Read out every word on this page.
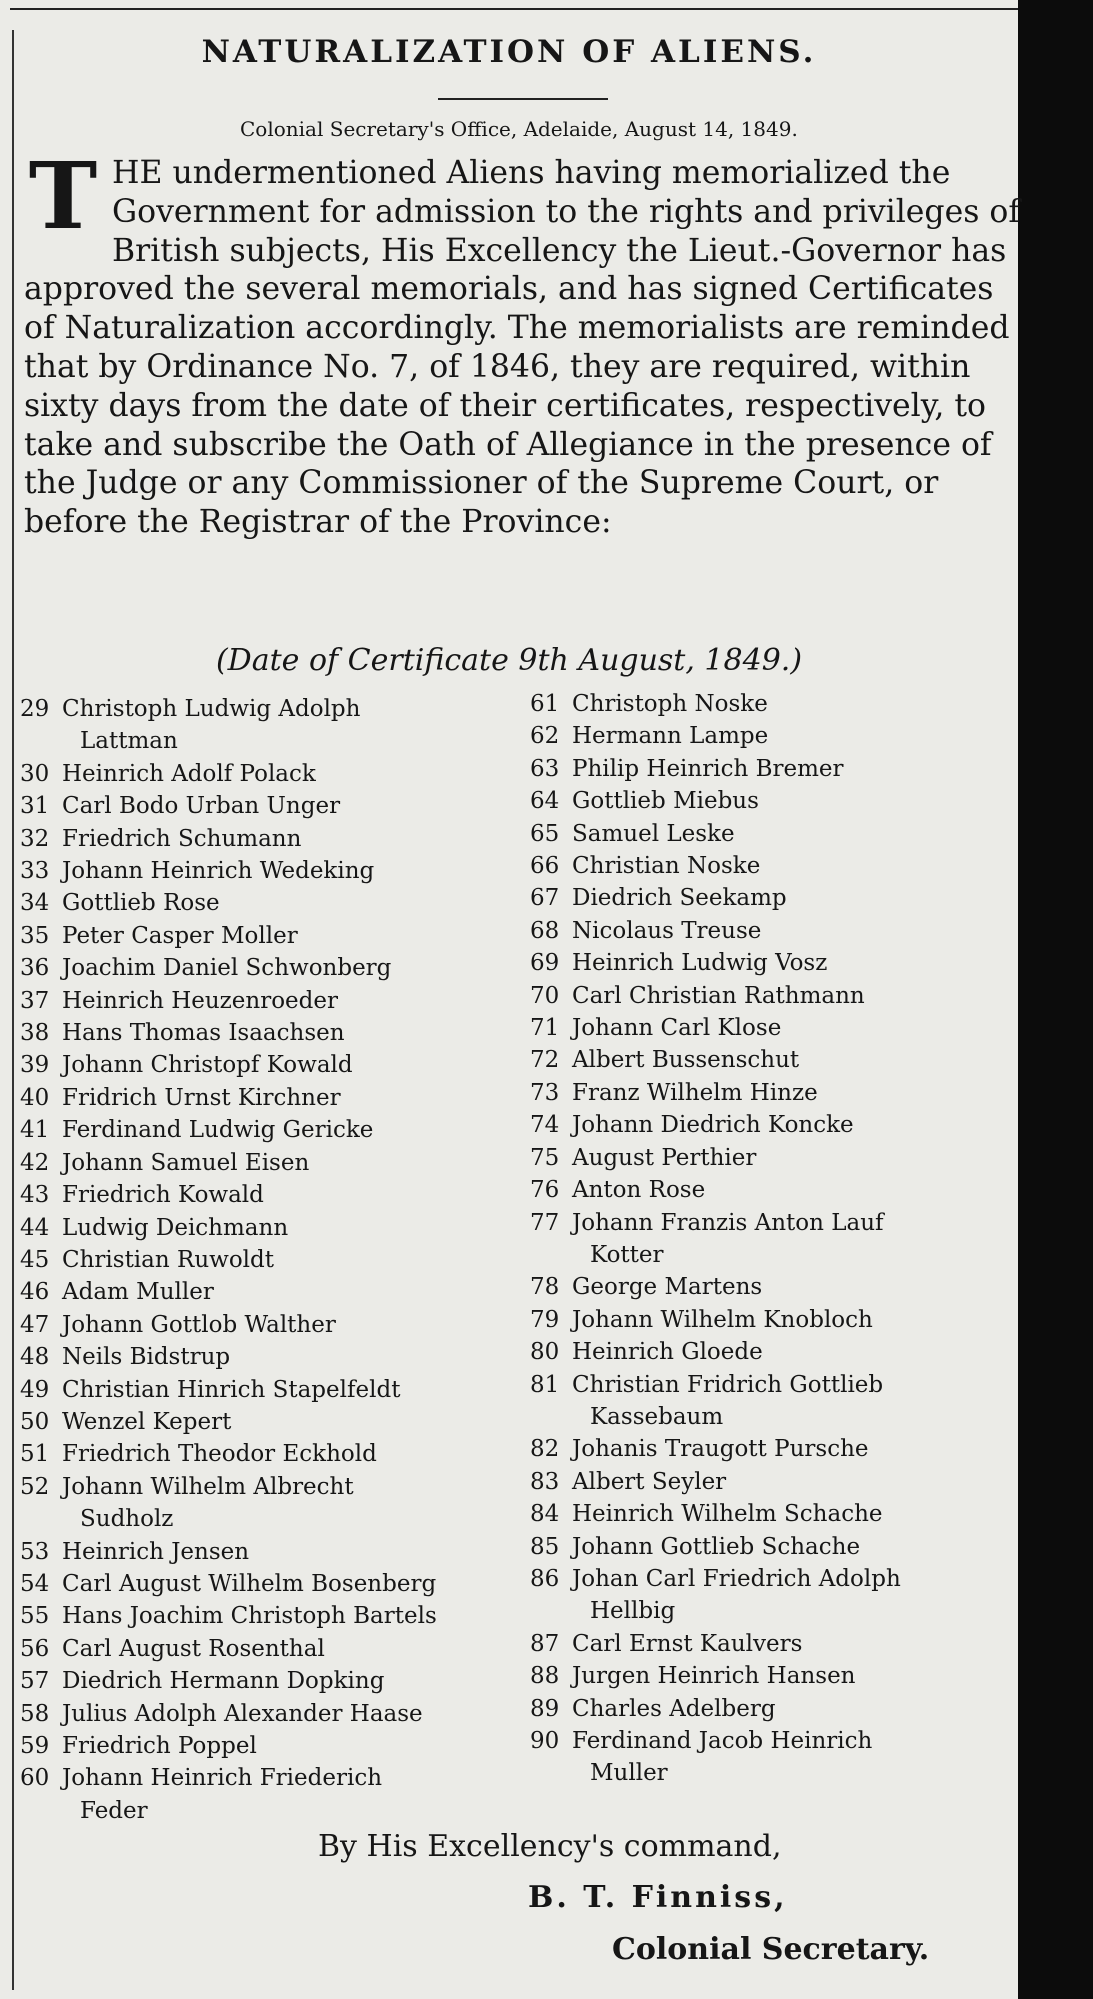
NATURALIZATION OF ALIENS.
Colonial Secretary's Office, Adelaide, August 14, 1849.

T HE undermentioned Aliens having memorialized the Government for admission to the rights and privileges of British subjects, His Excellency the Lieut.-Governor has approved the several memorials, and has signed Certificates of Naturalization accordingly. The memorialists are reminded that by Ordinance No. 7, of 1846, they are required, within sixty days from the date of their certificates, respectively, to take and subscribe the Oath of Allegiance in the presence of the Judge or any Commissioner of the Supreme Court, or before the Registrar of the Province:

(Date of Certificate 9th August, 1849.)
29 Christoph Ludwig Adolph
Lattman
30 Heinrich Adolf Polack
31 Carl Bodo Urban Unger
32 Friedrich Schumann
33 Johann Heinrich Wedeking
34 Gottlieb Rose
35 Peter Casper Moller
36 Joachim Daniel Schwonberg
37 Heinrich Heuzenroeder
38 Hans Thomas Isaachsen
39 Johann Christopf Kowald
40 Fridrich Urnst Kirchner
41 Ferdinand Ludwig Gericke
42 Johann Samuel Eisen
43 Friedrich Kowald
44 Ludwig Deichmann
45 Christian Ruwoldt
46 Adam Muller
47 Johann Gottlob Walther
48 Neils Bidstrup
49 Christian Hinrich Stapelfeldt
50 Wenzel Kepert
51 Friedrich Theodor Eckhold
52 Johann Wilhelm Albrecht
Sudholz
53 Heinrich Jensen
54 Carl August Wilhelm Bosenberg
55 Hans Joachim Christoph Bartels
56 Carl August Rosenthal
57 Diedrich Hermann Dopking
58 Julius Adolph Alexander Haase
59 Friedrich Poppel
60 Johann Heinrich Friederich
Feder
61 Christoph Noske
62 Hermann Lampe
63 Philip Heinrich Bremer
64 Gottlieb Miebus
65 Samuel Leske
66 Christian Noske
67 Diedrich Seekamp
68 Nicolaus Treuse
69 Heinrich Ludwig Vosz
70 Carl Christian Rathmann
71 Johann Carl Klose
72 Albert Bussenschut
73 Franz Wilhelm Hinze
74 Johann Diedrich Koncke
75 August Perthier
76 Anton Rose
77 Johann Franzis Anton Lauf
Kotter
78 George Martens
79 Johann Wilhelm Knobloch
80 Heinrich Gloede
81 Christian Fridrich Gottlieb
Kassebaum
82 Johanis Traugott Pursche
83 Albert Seyler
84 Heinrich Wilhelm Schache
85 Johann Gottlieb Schache
86 Johan Carl Friedrich Adolph
Hellbig
87 Carl Ernst Kaulvers
88 Jurgen Heinrich Hansen
89 Charles Adelberg
90 Ferdinand Jacob Heinrich
Muller
By His Excellency's command,
B. T. Finniss,
Colonial Secretary.
